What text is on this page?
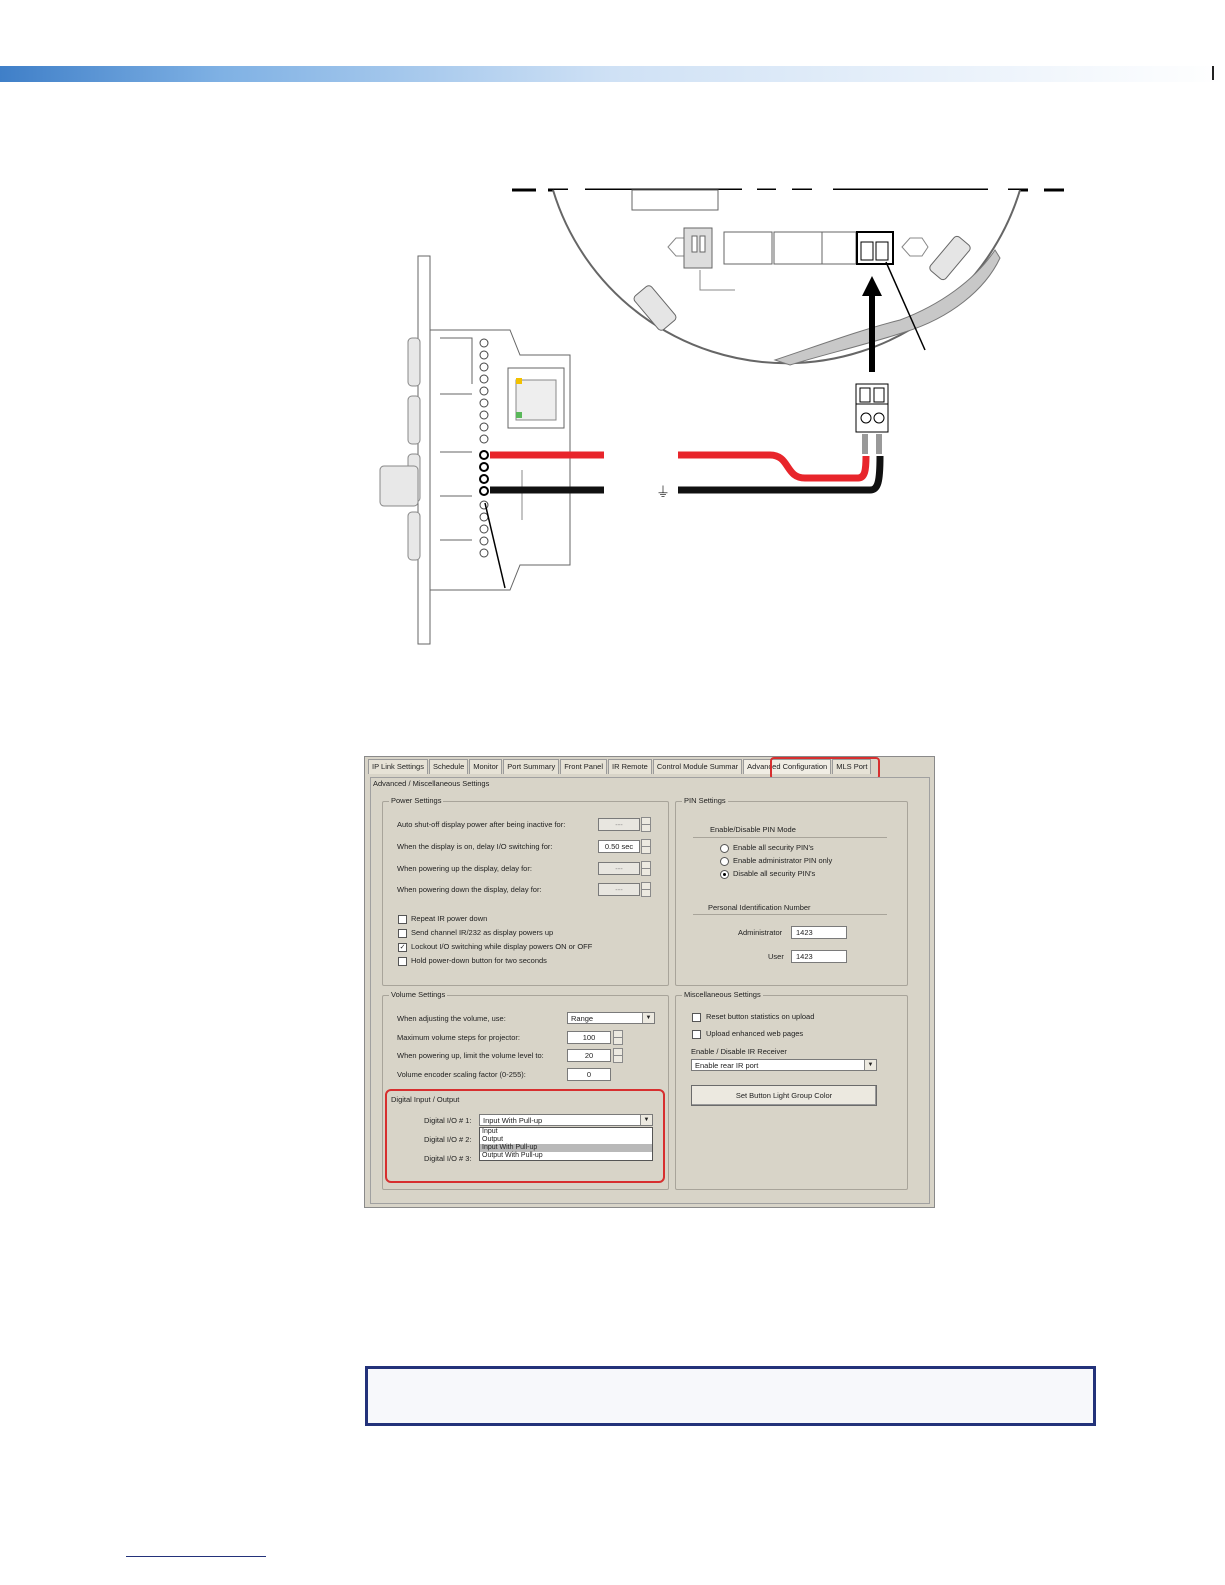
⏚
IP Link Settings	Schedule	Monitor	Port Summary	Front Panel	IR Remote	Control Module Summar	Advanced Configuration	MLS Port
Advanced / Miscellaneous Settings
Power Settings
Auto shut-off display power after being inactive for:	---
When the display is on, delay I/O switching for:	0.50 sec
When powering up the display, delay for:	---
When powering down the display, delay for:	---
Repeat IR power down
Send channel IR/232 as display powers up
✓ Lockout I/O switching while display powers ON or OFF
Hold power-down button for two seconds
PIN Settings
Enable/Disable PIN Mode
Enable all security PIN's
Enable administrator PIN only
Disable all security PIN's
Personal Identification Number
Administrator	1423
User	1423
Volume Settings
When adjusting the volume, use:	Range	▼
Maximum volume steps for projector:	100
When powering up, limit the volume level to:	20
Volume encoder scaling factor (0-255):	0
Digital Input / Output
Digital I/O # 1:	Input With Pull-up	▼
Digital I/O # 2:
Digital I/O # 3:
Input
Output
Input With Pull-up
Output With Pull-up
Miscellaneous Settings
Reset button statistics on upload
Upload enhanced web pages
Enable / Disable IR Receiver
Enable rear IR port	▼
Set Button Light Group Color
